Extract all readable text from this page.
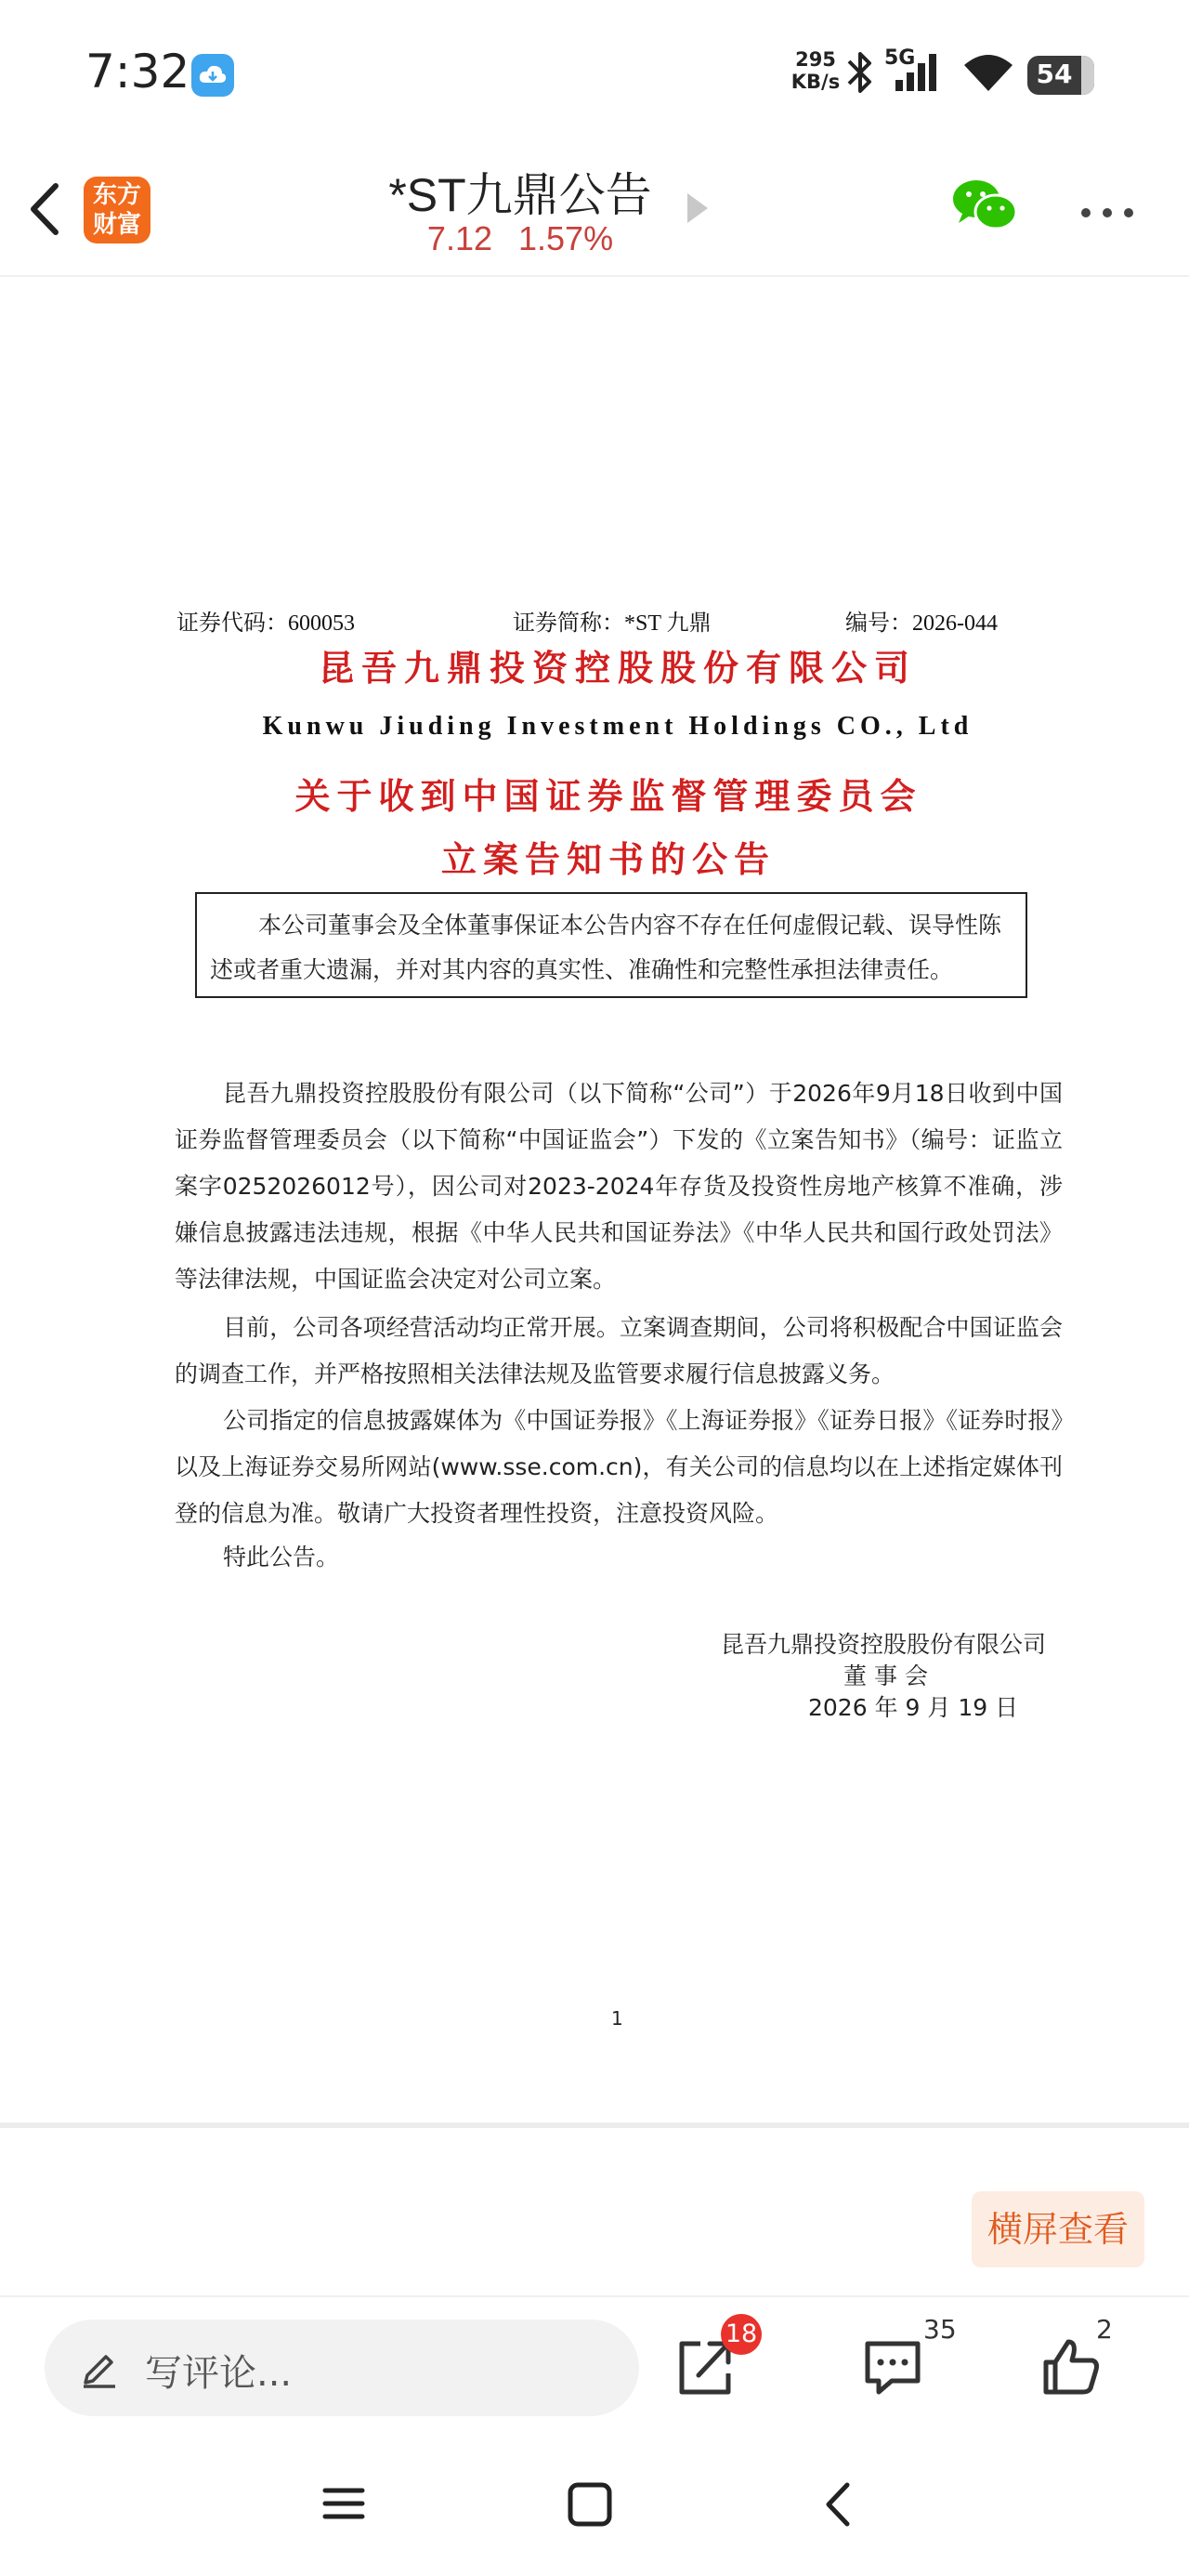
7:32	295
KB/s
5G
54
东方
财富
*ST九鼎公告
7.12 1.57%
证券代码：600053	证券简称：*ST 九鼎	编号：2026-044
昆吾九鼎投资控股股份有限公司
Kunwu Jiuding Investment Holdings CO., Ltd
关于收到中国证券监督管理委员会
立案告知书的公告

本公司董事会及全体董事保证本公告内容不存在任何虚假记载、误导性陈述或者重大遗漏，并对其内容的真实性、准确性和完整性承担法律责任。

昆吾九鼎投资控股股份有限公司（以下简称“公司”）于2026年9月18日收到中国证券监督管理委员会（以下简称“中国证监会”）下发的《立案告知书》（编号：证监立案字0252026012号），因公司对2023-2024年存货及投资性房地产核算不准确，涉嫌信息披露违法违规，根据《中华人民共和国证券法》《中华人民共和国行政处罚法》等法律法规，中国证监会决定对公司立案。

目前，公司各项经营活动均正常开展。立案调查期间，公司将积极配合中国证监会的调查工作，并严格按照相关法律法规及监管要求履行信息披露义务。

公司指定的信息披露媒体为《中国证券报》《上海证券报》《证券日报》《证券时报》以及上海证券交易所网站(www.sse.com.cn)，有关公司的信息均以在上述指定媒体刊登的信息为准。敬请广大投资者理性投资，注意投资风险。

特此公告。

昆吾九鼎投资控股股份有限公司
董事会
2026 年 9 月 19 日
1
横屏查看
写评论...
18	35	2
